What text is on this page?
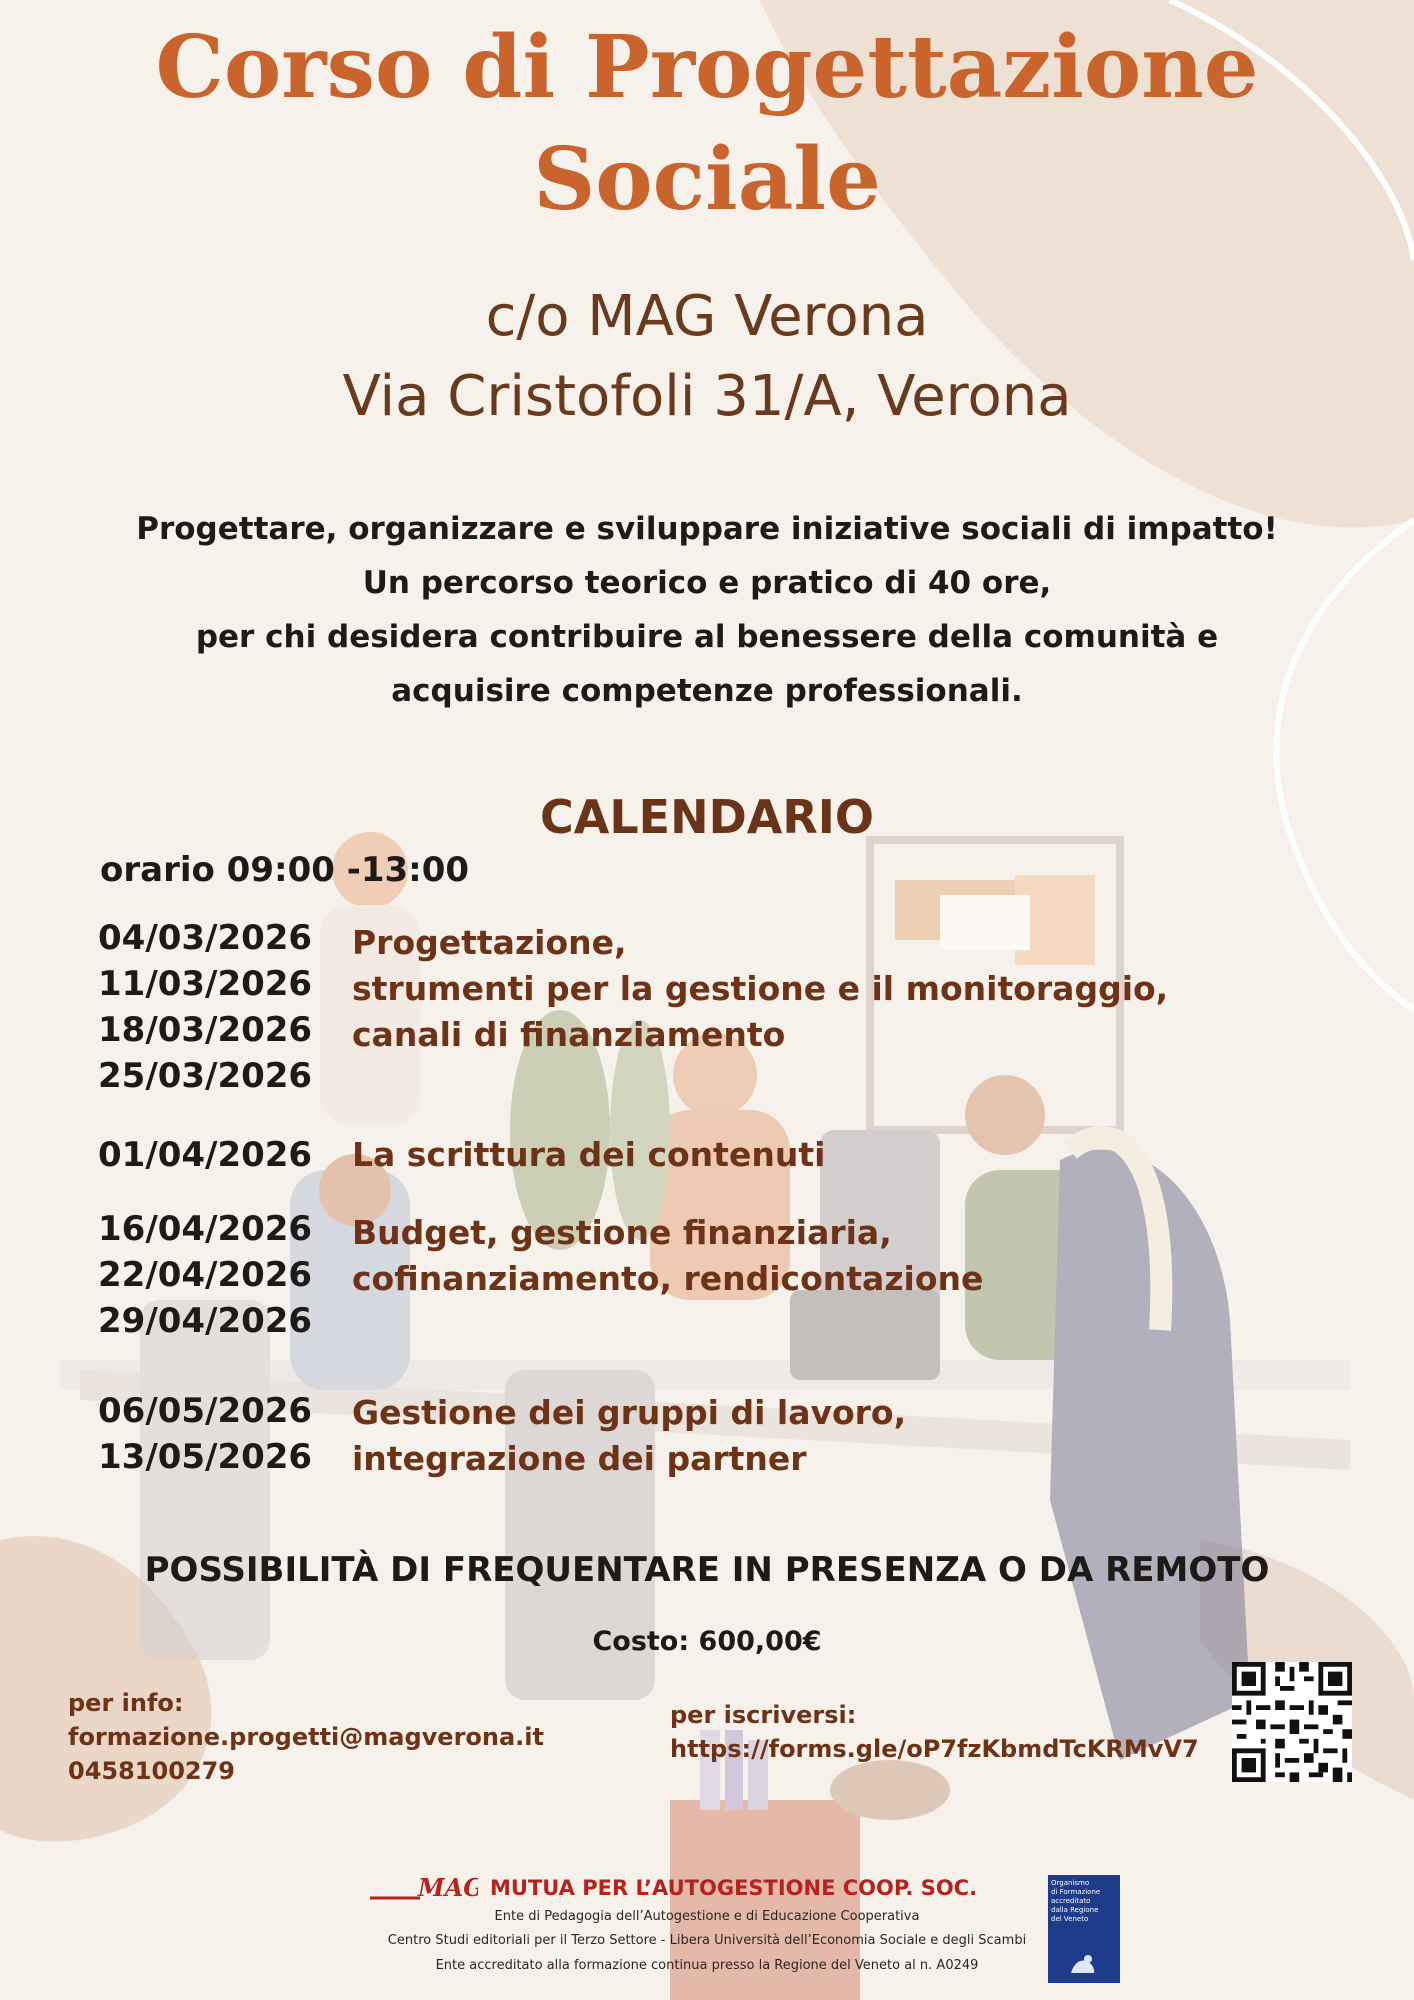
Corso di Progettazione
Sociale
c/o MAG Verona
Via Cristofoli 31/A, Verona
Progettare, organizzare e sviluppare iniziative sociali di impatto!
Un percorso teorico e pratico di 40 ore,
per chi desidera contribuire al benessere della comunità e
acquisire competenze professionali.
CALENDARIO
orario 09:00 -13:00
04/03/2026
11/03/2026
18/03/2026
25/03/2026
Progettazione,
strumenti per la gestione e il monitoraggio,
canali di finanziamento
01/04/2026 La scrittura dei contenuti
16/04/2026
22/04/2026
29/04/2026
Budget, gestione finanziaria,
cofinanziamento, rendicontazione
06/05/2026
13/05/2026
Gestione dei gruppi di lavoro,
integrazione dei partner
POSSIBILITÀ DI FREQUENTARE IN PRESENZA O DA REMOTO
Costo: 600,00€
per info:
formazione.progetti@magverona.it
0458100279
per iscriversi:
https://forms.gle/oP7fzKbmdTcKRMvV7
MAG MUTUA PER L’AUTOGESTIONE COOP. SOC.
Ente di Pedagogia dell’Autogestione e di Educazione Cooperativa
Centro Studi editoriali per il Terzo Settore - Libera Università dell’Economia Sociale e degli Scambi
Ente accreditato alla formazione continua presso la Regione del Veneto al n. A0249
Organismo
di Formazione
accreditato
dalla Regione
del Veneto
